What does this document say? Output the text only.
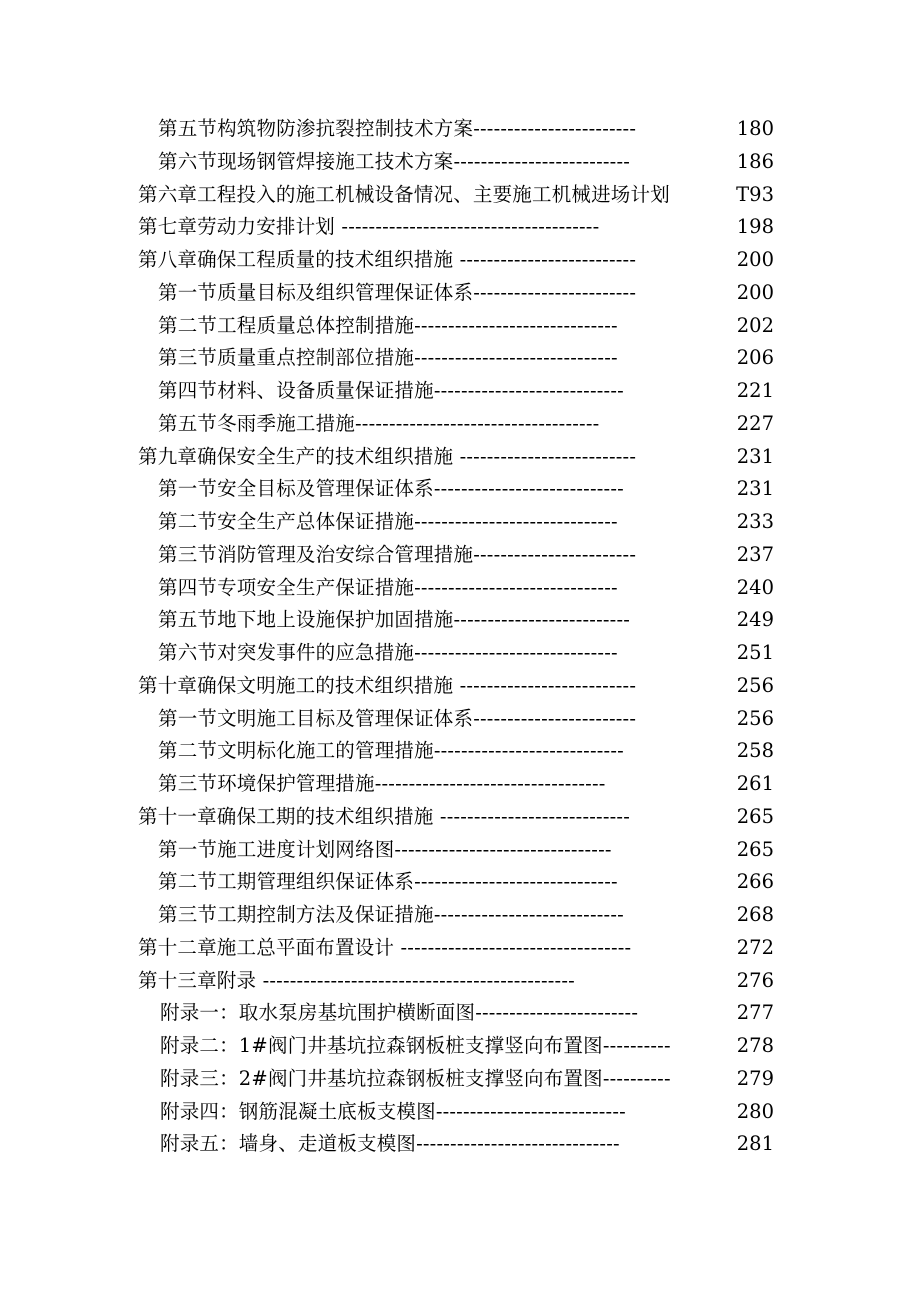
第五节构筑物防渗抗裂控制技术方案------------------------	180
第六节现场钢管焊接施工技术方案--------------------------	186
第六章工程投入的施工机械设备情况、主要施工机械进场计划	T93
第七章劳动力安排计划 --------------------------------------	198
第八章确保工程质量的技术组织措施 --------------------------	200
第一节质量目标及组织管理保证体系------------------------	200
第二节工程质量总体控制措施------------------------------	202
第三节质量重点控制部位措施------------------------------	206
第四节材料、设备质量保证措施----------------------------	221
第五节冬雨季施工措施------------------------------------	227
第九章确保安全生产的技术组织措施 --------------------------	231
第一节安全目标及管理保证体系----------------------------	231
第二节安全生产总体保证措施------------------------------	233
第三节消防管理及治安综合管理措施------------------------	237
第四节专项安全生产保证措施------------------------------	240
第五节地下地上设施保护加固措施--------------------------	249
第六节对突发事件的应急措施------------------------------	251
第十章确保文明施工的技术组织措施 --------------------------	256
第一节文明施工目标及管理保证体系------------------------	256
第二节文明标化施工的管理措施----------------------------	258
第三节环境保护管理措施----------------------------------	261
第十一章确保工期的技术组织措施 ----------------------------	265
第一节施工进度计划网络图--------------------------------	265
第二节工期管理组织保证体系------------------------------	266
第三节工期控制方法及保证措施----------------------------	268
第十二章施工总平面布置设计 ----------------------------------	272
第十三章附录 ----------------------------------------------	276
附录一：取水泵房基坑围护横断面图------------------------	277
附录二：1#阀门井基坑拉森钢板桩支撑竖向布置图----------	278
附录三：2#阀门井基坑拉森钢板桩支撑竖向布置图----------	279
附录四：钢筋混凝土底板支模图----------------------------	280
附录五：墙身、走道板支模图------------------------------	281
